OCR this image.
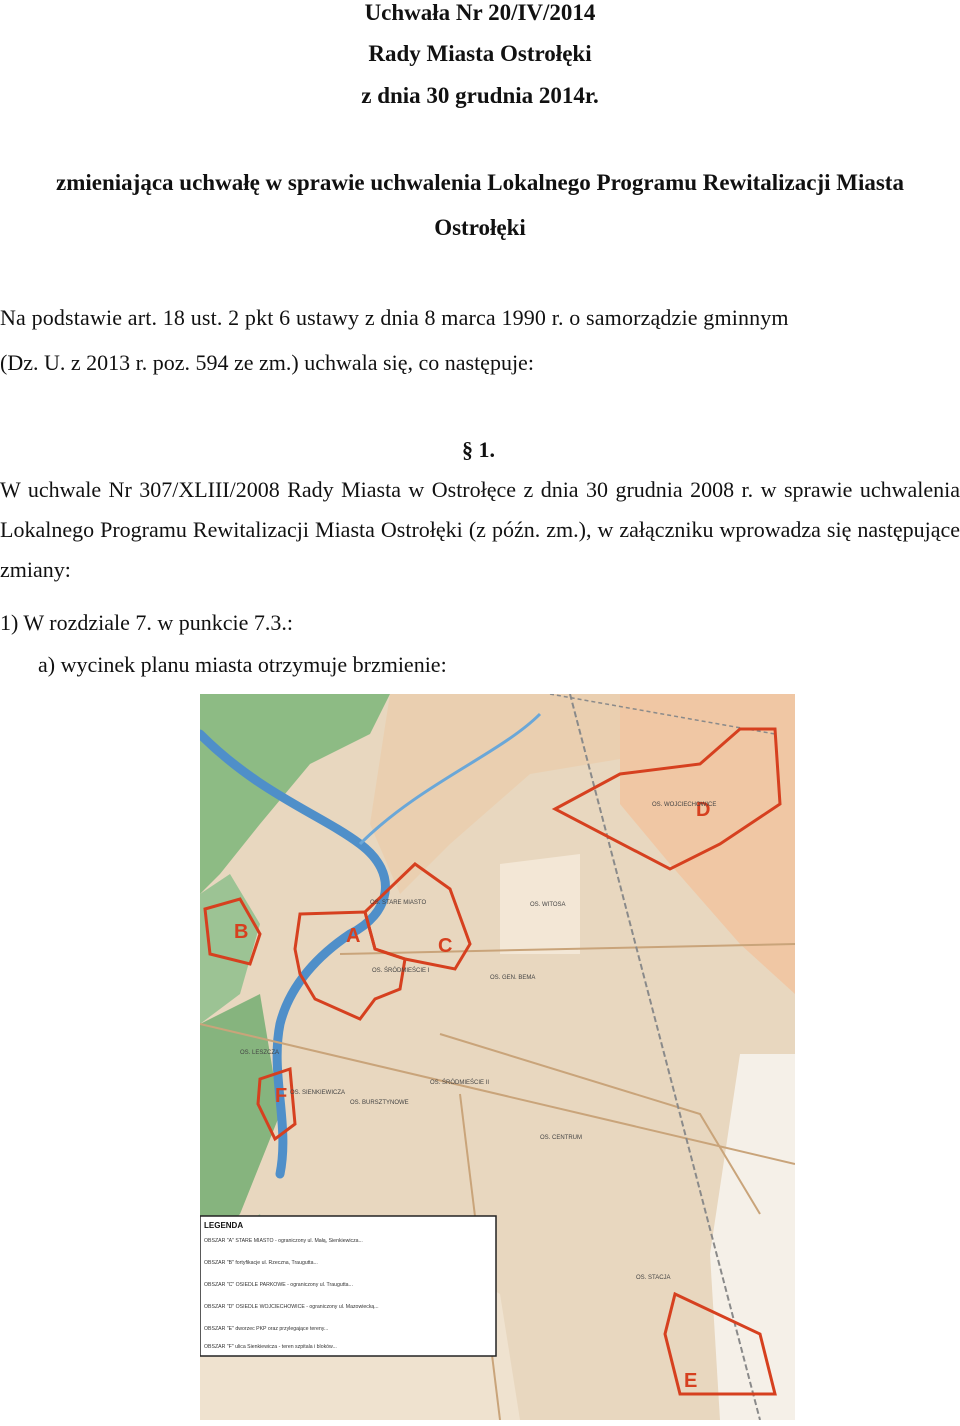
Uchwała Nr 20/IV/2014
Rady Miasta Ostrołęki
z dnia 30 grudnia 2014r.
zmieniająca uchwałę w sprawie uchwalenia Lokalnego Programu Rewitalizacji Miasta
Ostrołęki
Na podstawie art. 18 ust. 2 pkt 6 ustawy z dnia 8 marca 1990 r. o samorządzie gminnym
(Dz. U. z 2013 r. poz. 594 ze zm.) uchwala się, co następuje:
§ 1.
W uchwale Nr 307/XLIII/2008 Rady Miasta w Ostrołęce z dnia 30 grudnia 2008 r. w sprawie uchwalenia Lokalnego Programu Rewitalizacji Miasta Ostrołęki (z późn. zm.), w załączniku wprowadza się następujące zmiany:
1) W rozdziale 7. w punkcie 7.3.:
a) wycinek planu miasta otrzymuje brzmienie:
A
B
C
D
E
F
OS. STARE MIASTO
OS. WOJCIECHOWICE
OS. WITOSA
OS. ŚRÓDMIEŚCIE I
OS. GEN. BEMA
OS. ŚRÓDMIEŚCIE II
OS. SIENKIEWICZA
OS. CENTRUM
OS. STACJA
OS. LESZCZA
OS. BURSZTYNOWE
LEGENDA
OBSZAR "A" STARE MIASTO - ograniczony ul. Małą, Sienkiewicza...
OBSZAR "B" fortyfikacje ul. Rzeczna, Traugutta...
OBSZAR "C" OSIEDLE PARKOWE - ograniczony ul. Traugutta...
OBSZAR "D" OSIEDLE WOJCIECHOWICE - ograniczony ul. Mazowiecką...
OBSZAR "E" dworzec PKP oraz przylegające tereny...
OBSZAR "F" ulica Sienkiewicza - teren szpitala i bloków...
